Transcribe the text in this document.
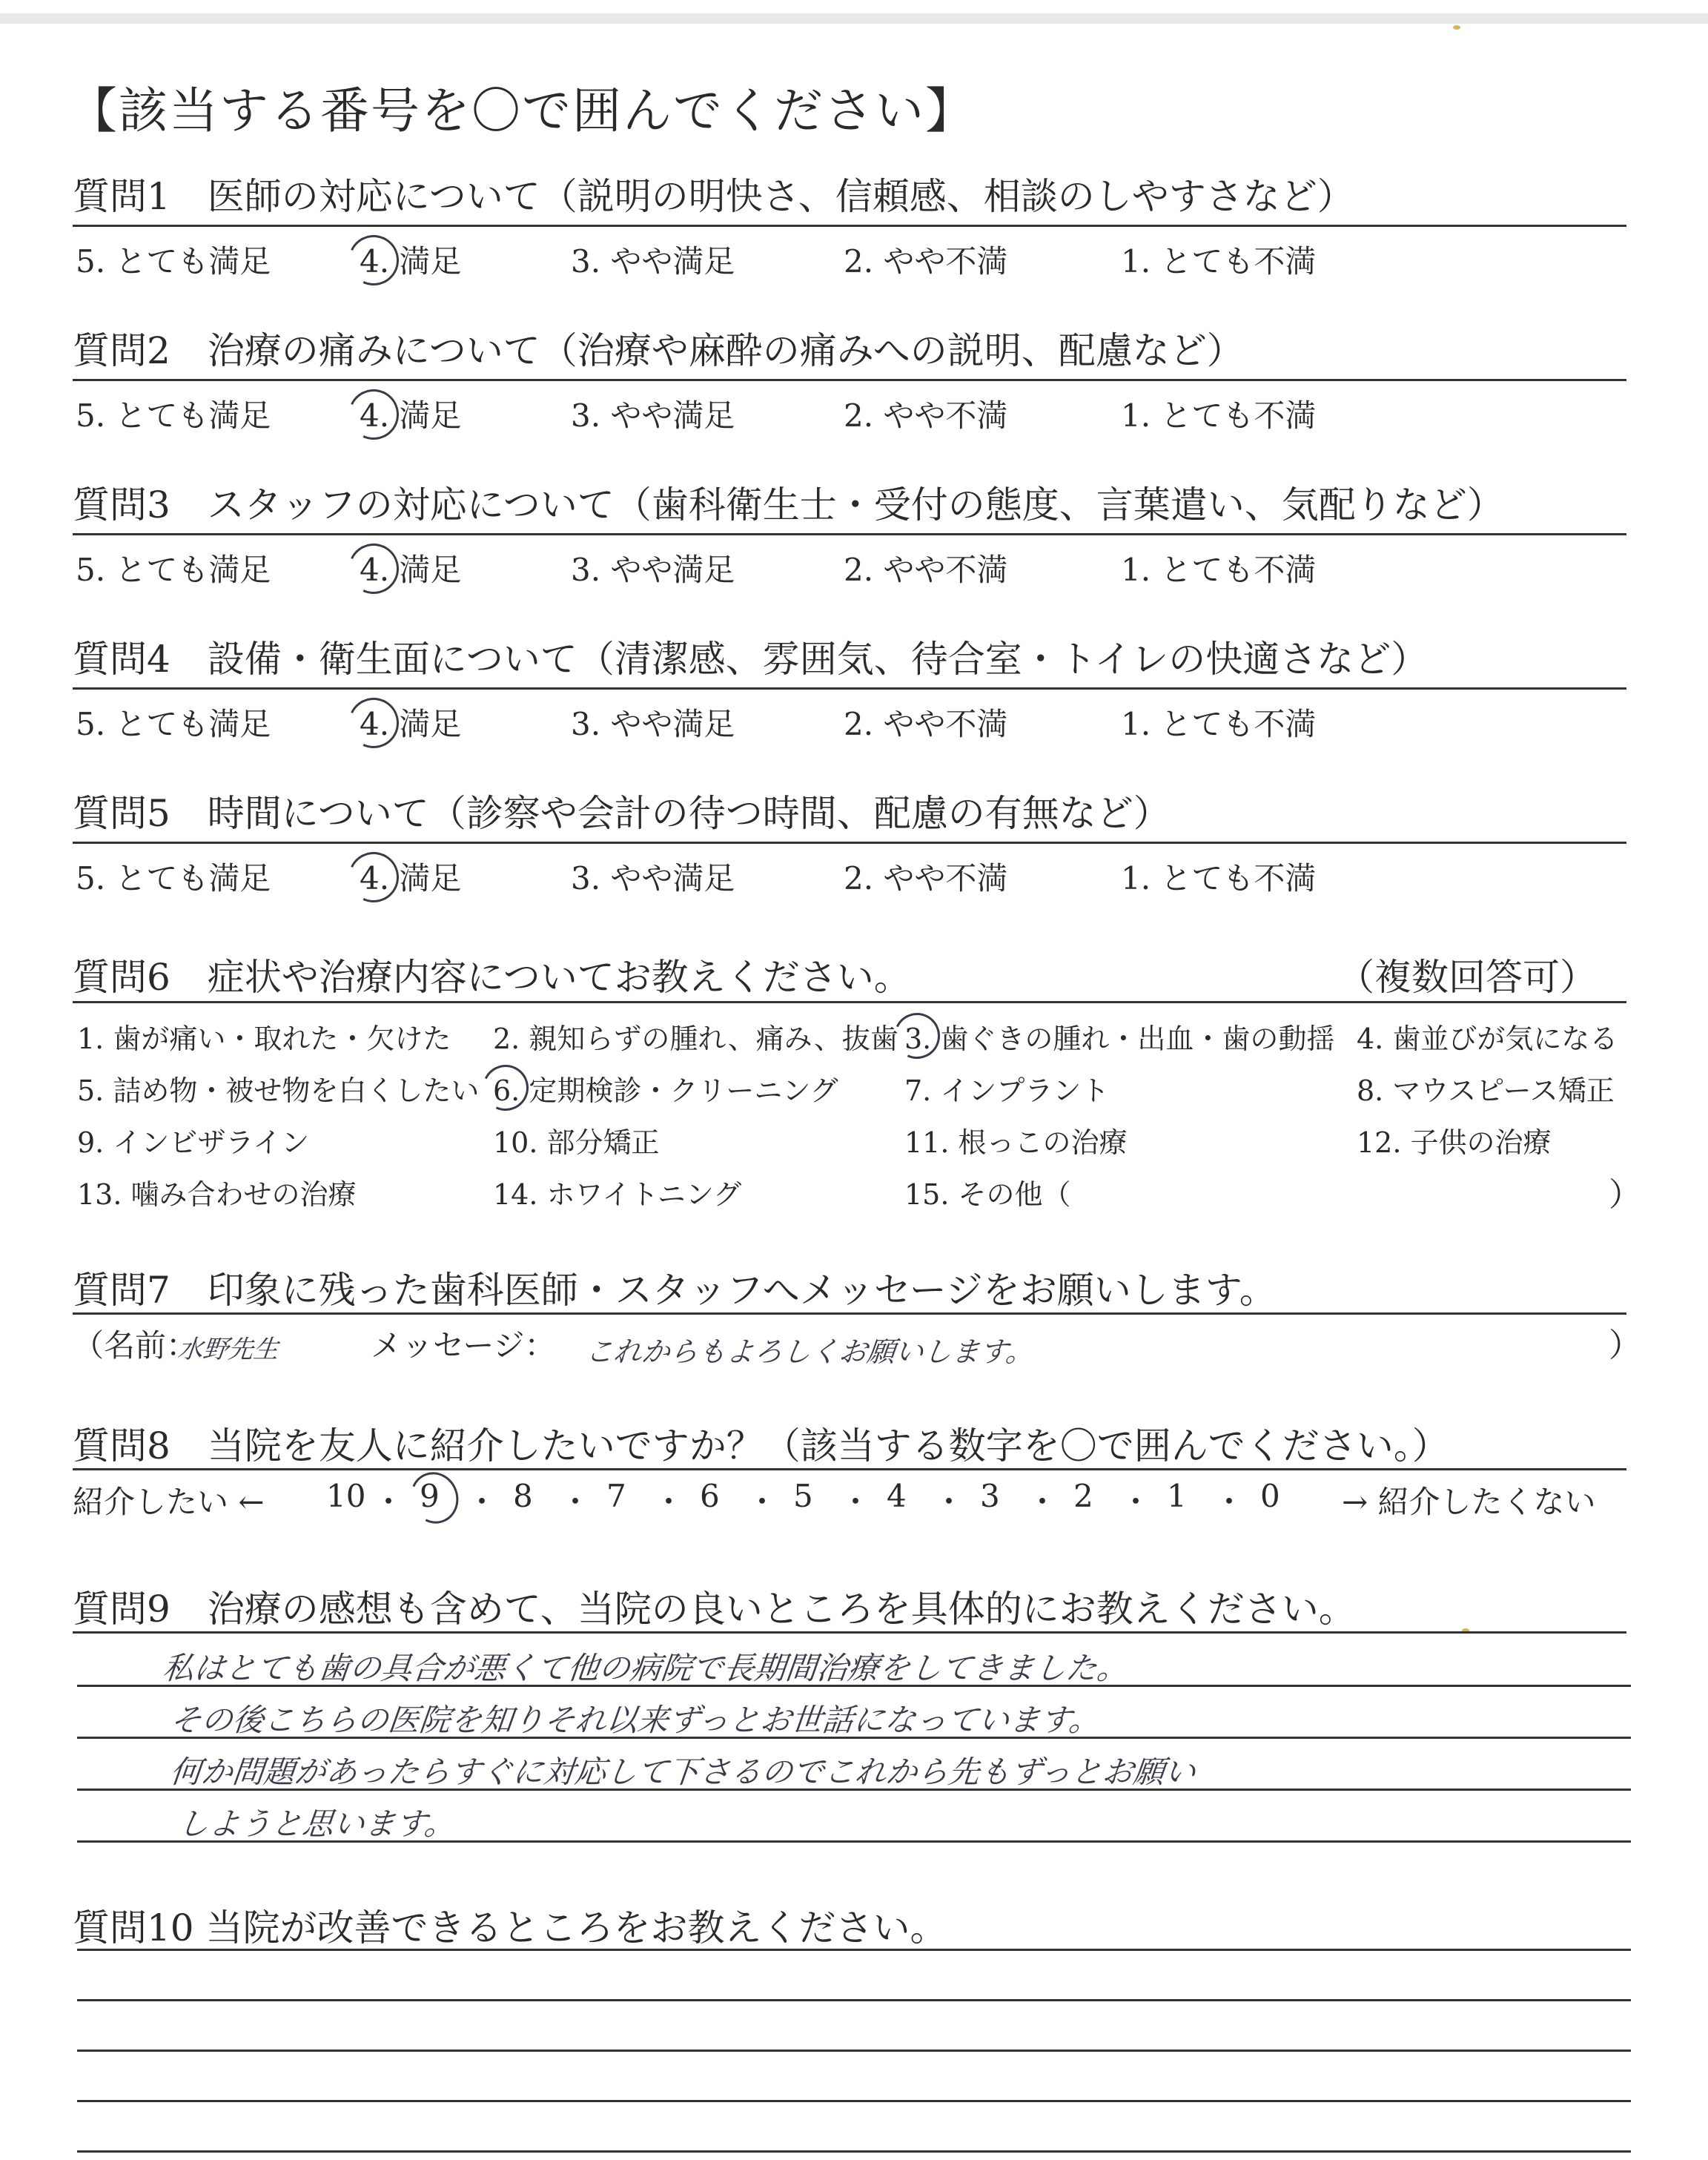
【該当する番号を〇で囲んでください】
質問1　医師の対応について（説明の明快さ、信頼感、相談のしやすさなど）
5. とても満足	4. 満足	3. やや満足	2. やや不満	1. とても不満
質問2　治療の痛みについて（治療や麻酔の痛みへの説明、配慮など）
5. とても満足	4. 満足	3. やや満足	2. やや不満	1. とても不満
質問3　スタッフの対応について（歯科衛生士・受付の態度、言葉遣い、気配りなど）
5. とても満足	4. 満足	3. やや満足	2. やや不満	1. とても不満
質問4　設備・衛生面について（清潔感、雰囲気、待合室・トイレの快適さなど）
5. とても満足	4. 満足	3. やや満足	2. やや不満	1. とても不満
質問5　時間について（診察や会計の待つ時間、配慮の有無など）
5. とても満足	4. 満足	3. やや満足	2. やや不満	1. とても不満
質問6　症状や治療内容についてお教えください。	（複数回答可）
1. 歯が痛い・取れた・欠けた 2. 親知らずの腫れ、痛み、抜歯 3. 歯ぐきの腫れ・出血・歯の動揺 4. 歯並びが気になる
5. 詰め物・被せ物を白くしたい 6. 定期検診・クリーニング 7. インプラント	8. マウスピース矯正
9. インビザライン	10. 部分矯正	11. 根っこの治療	12. 子供の治療
13. 噛み合わせの治療	14. ホワイトニング	15. その他（	）
質問7　印象に残った歯科医師・スタッフへメッセージをお願いします。
（名前：
水野先生	メッセージ： これからもよろしくお願いします。	）
質問8　当院を友人に紹介したいですか？（該当する数字を〇で囲んでください。）
紹介したい ←	→ 紹介したくない
10 ・ 9 ・ 8 ・ 7 ・ 6 ・ 5 ・ 4 ・ 3 ・ 2 ・ 1 ・ 0
質問9　治療の感想も含めて、当院の良いところを具体的にお教えください。
私はとても歯の具合が悪くて他の病院で長期間治療をしてきました。
その後こちらの医院を知りそれ以来ずっとお世話になっています。
何か問題があったらすぐに対応して下さるのでこれから先もずっとお願い
しようと思います。
質問10 当院が改善できるところをお教えください。
